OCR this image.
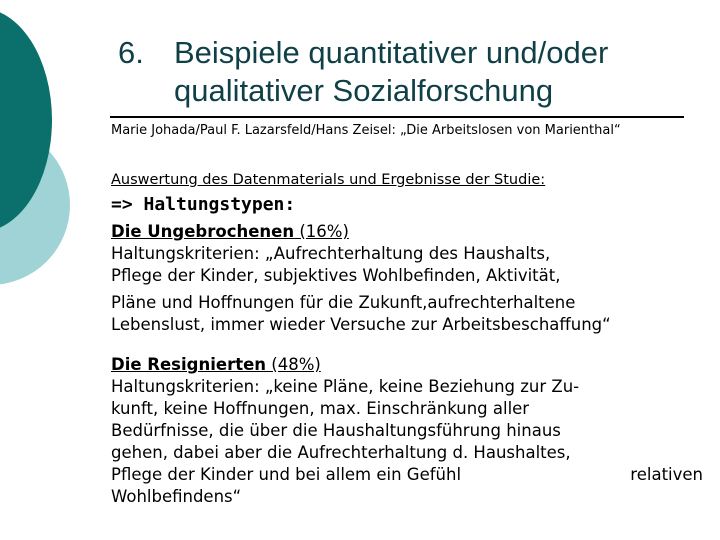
6. Beispiele quantitativer und/oder
qualitativer Sozialforschung
Marie Johada/Paul F. Lazarsfeld/Hans Zeisel: „Die Arbeitslosen von Marienthal“
Auswertung des Datenmaterials und Ergebnisse der Studie:
=> Haltungstypen:
Die Ungebrochenen (16%)
Haltungskriterien: „Aufrechterhaltung des Haushalts,
Pflege der Kinder, subjektives Wohlbefinden, Aktivität,
Pläne und Hoffnungen für die Zukunft,aufrechterhaltene
Lebenslust, immer wieder Versuche zur Arbeitsbeschaffung“
Die Resignierten (48%)
Haltungskriterien: „keine Pläne, keine Beziehung zur Zu-
kunft, keine Hoffnungen, max. Einschränkung aller
Bedürfnisse, die über die Haushaltungsführung hinaus
gehen, dabei aber die Aufrechterhaltung d. Haushaltes,
Pflege der Kinder und bei allem ein Gefühl	relativen
Wohlbefindens“
